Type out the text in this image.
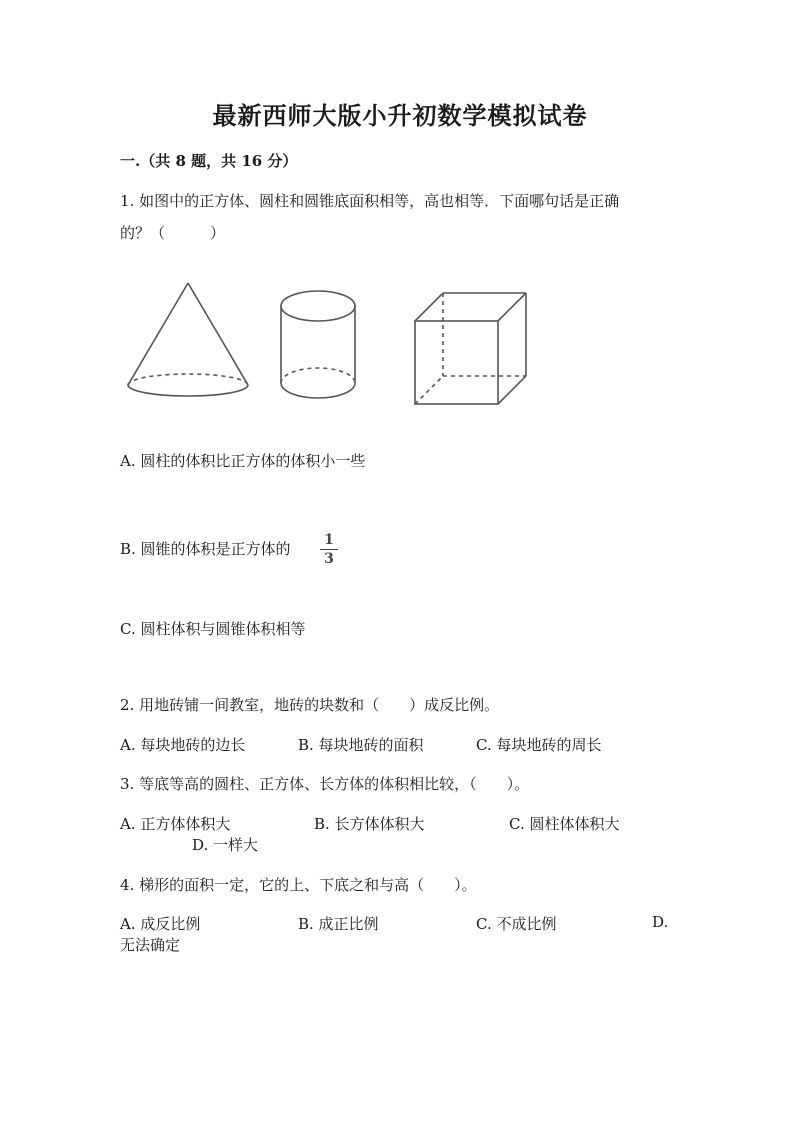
最新西师大版小升初数学模拟试卷
一.（共 8 题，共 16 分）
1. 如图中的正方体、圆柱和圆锥底面积相等，高也相等．下面哪句话是正确
的？（　　　）
A. 圆柱的体积比正方体的体积小一些
B. 圆锥的体积是正方体的 1
3
C. 圆柱体积与圆锥体积相等
2. 用地砖铺一间教室，地砖的块数和（　　）成反比例。
A. 每块地砖的边长	B. 每块地砖的面积	C. 每块地砖的周长
3. 等底等高的圆柱、正方体、长方体的体积相比较，（　　）。
A. 正方体体积大	B. 长方体体积大	C. 圆柱体体积大
D. 一样大
4. 梯形的面积一定，它的上、下底之和与高（　　）。
A. 成反比例	B. 成正比例	C. 不成比例	D.
无法确定
